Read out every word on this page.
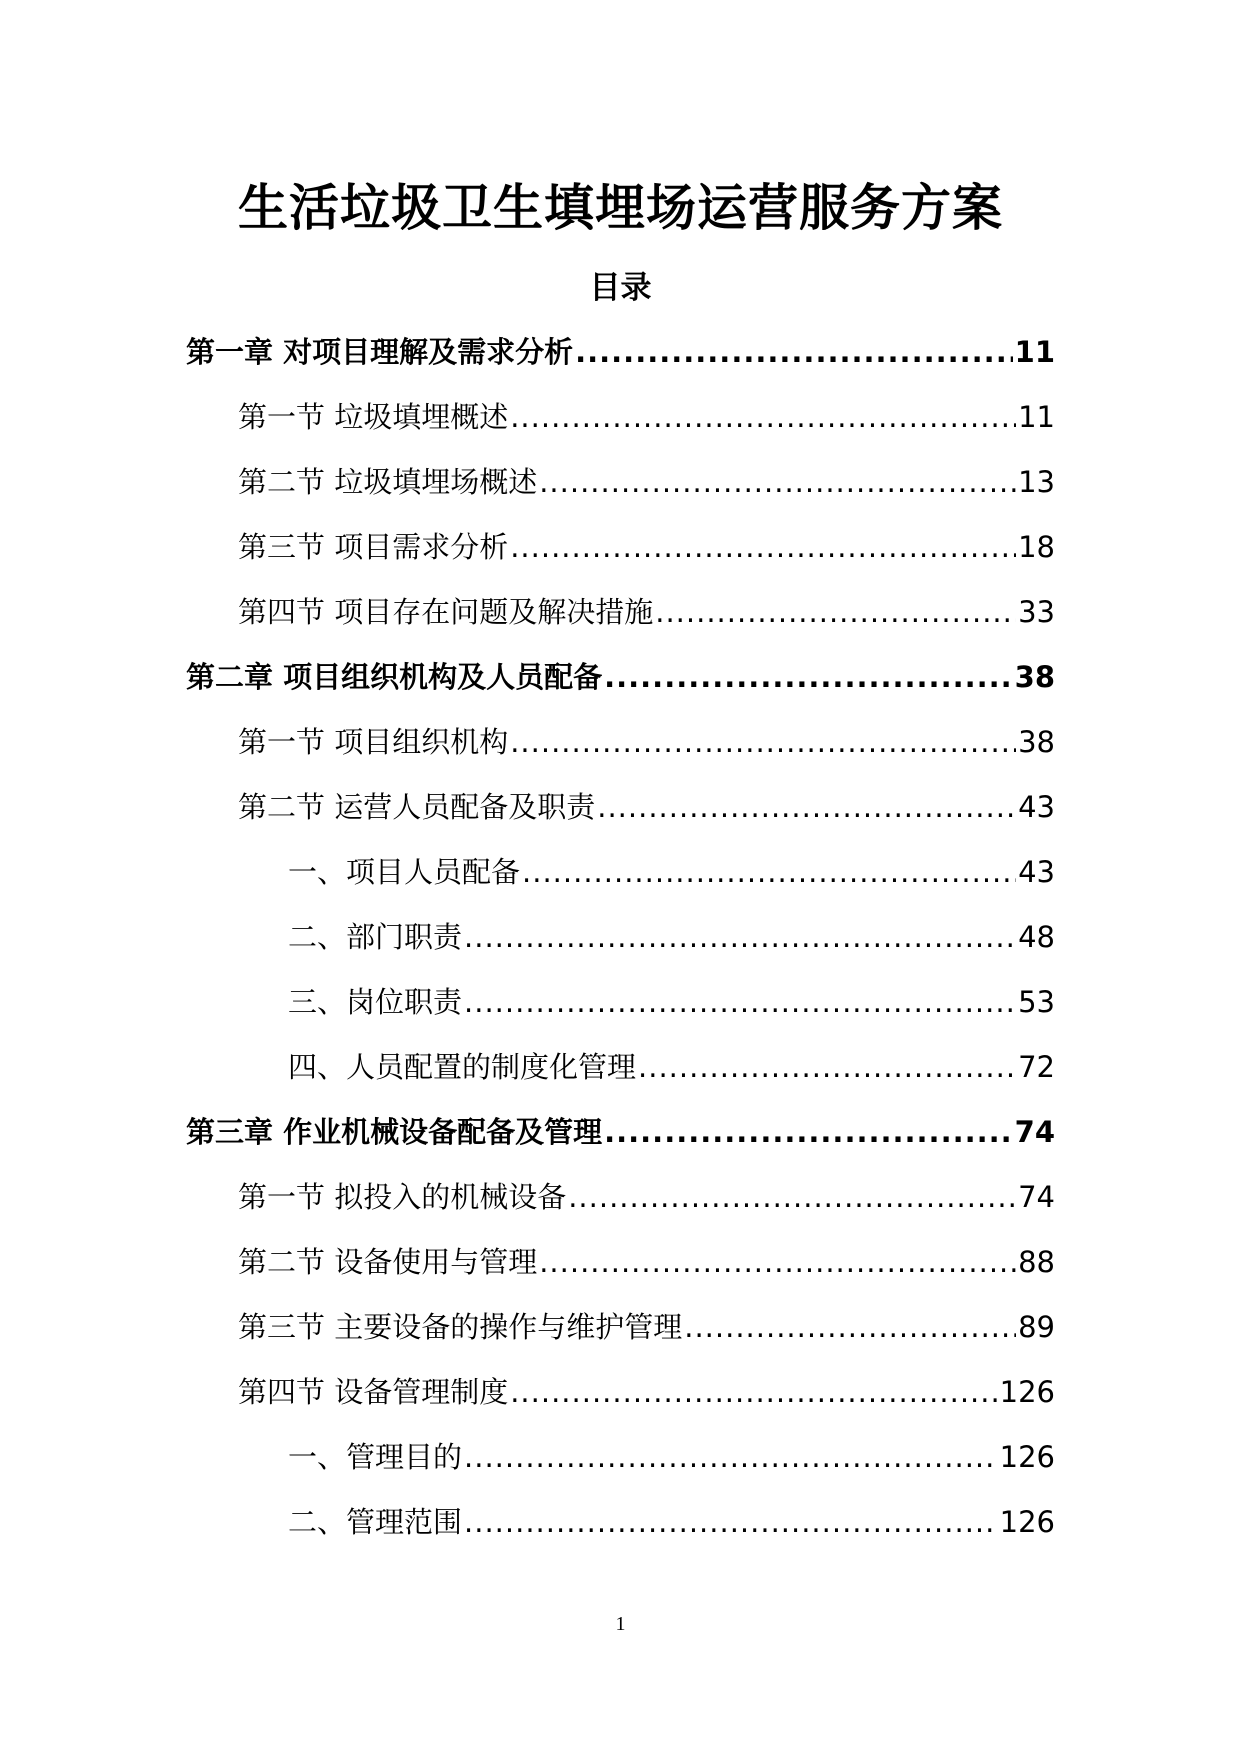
生活垃圾卫生填埋场运营服务方案
目录
第一章 对项目理解及需求分析 .....	11
第一节 垃圾填埋概述 .....	11
第二节 垃圾填埋场概述 .....	13
第三节 项目需求分析 .....	18
第四节 项目存在问题及解决措施 .....	33
第二章 项目组织机构及人员配备 .....	38
第一节 项目组织机构 .....	38
第二节 运营人员配备及职责 .....	43
一、项目人员配备 .....	43
二、部门职责 .....	48
三、岗位职责 .....	53
四、人员配置的制度化管理 .....	72
第三章 作业机械设备配备及管理 .....	74
第一节 拟投入的机械设备 .....	74
第二节 设备使用与管理 .....	88
第三节 主要设备的操作与维护管理 .....	89
第四节 设备管理制度 .....	126
一、管理目的 .....	126
二、管理范围 .....	126
1
